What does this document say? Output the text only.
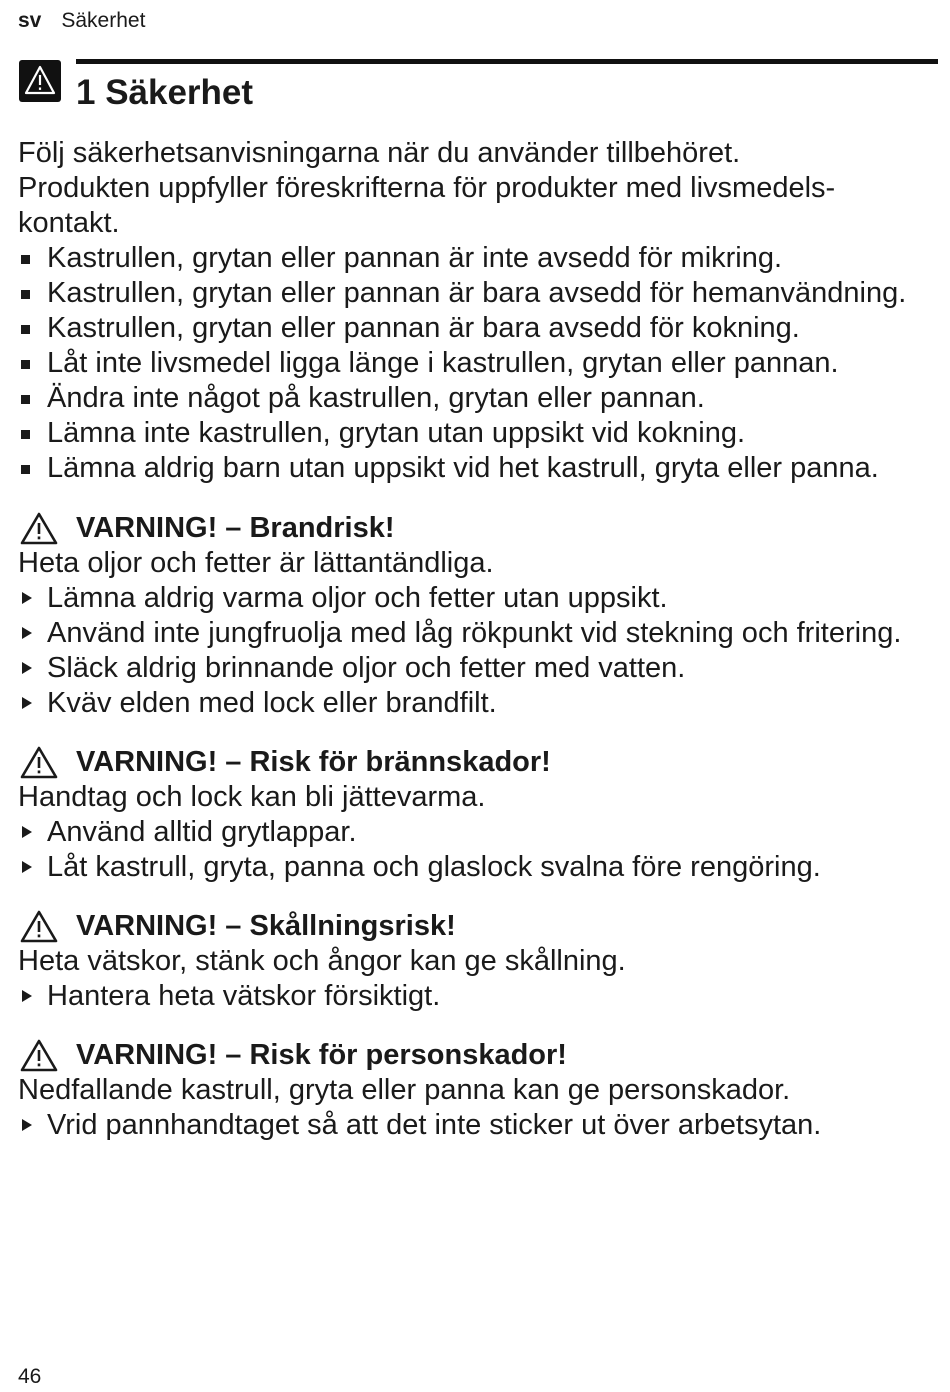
sv Säkerhet
1 Säkerhet

Följ säkerhetsanvisningarna när du använder tillbehöret.
Produkten uppfyller föreskrifterna för produkter med livsmedels-kontakt.

Kastrullen, grytan eller pannan är inte avsedd för mikring.
Kastrullen, grytan eller pannan är bara avsedd för hemanvändning.
Kastrullen, grytan eller pannan är bara avsedd för kokning.
Låt inte livsmedel ligga länge i kastrullen, grytan eller pannan.
Ändra inte något på kastrullen, grytan eller pannan.
Lämna inte kastrullen, grytan utan uppsikt vid kokning.
Lämna aldrig barn utan uppsikt vid het kastrull, gryta eller panna.
VARNING! – Brandrisk!

Heta oljor och fetter är lättantändliga.

Lämna aldrig varma oljor och fetter utan uppsikt.
Använd inte jungfruolja med låg rökpunkt vid stekning och fritering.
Släck aldrig brinnande oljor och fetter med vatten.
Kväv elden med lock eller brandfilt.
VARNING! – Risk för brännskador!

Handtag och lock kan bli jättevarma.

Använd alltid grytlappar.
Låt kastrull, gryta, panna och glaslock svalna före rengöring.
VARNING! – Skållningsrisk!

Heta vätskor, stänk och ångor kan ge skållning.

Hantera heta vätskor försiktigt.
VARNING! – Risk för personskador!

Nedfallande kastrull, gryta eller panna kan ge personskador.

Vrid pannhandtaget så att det inte sticker ut över arbetsytan.
46
